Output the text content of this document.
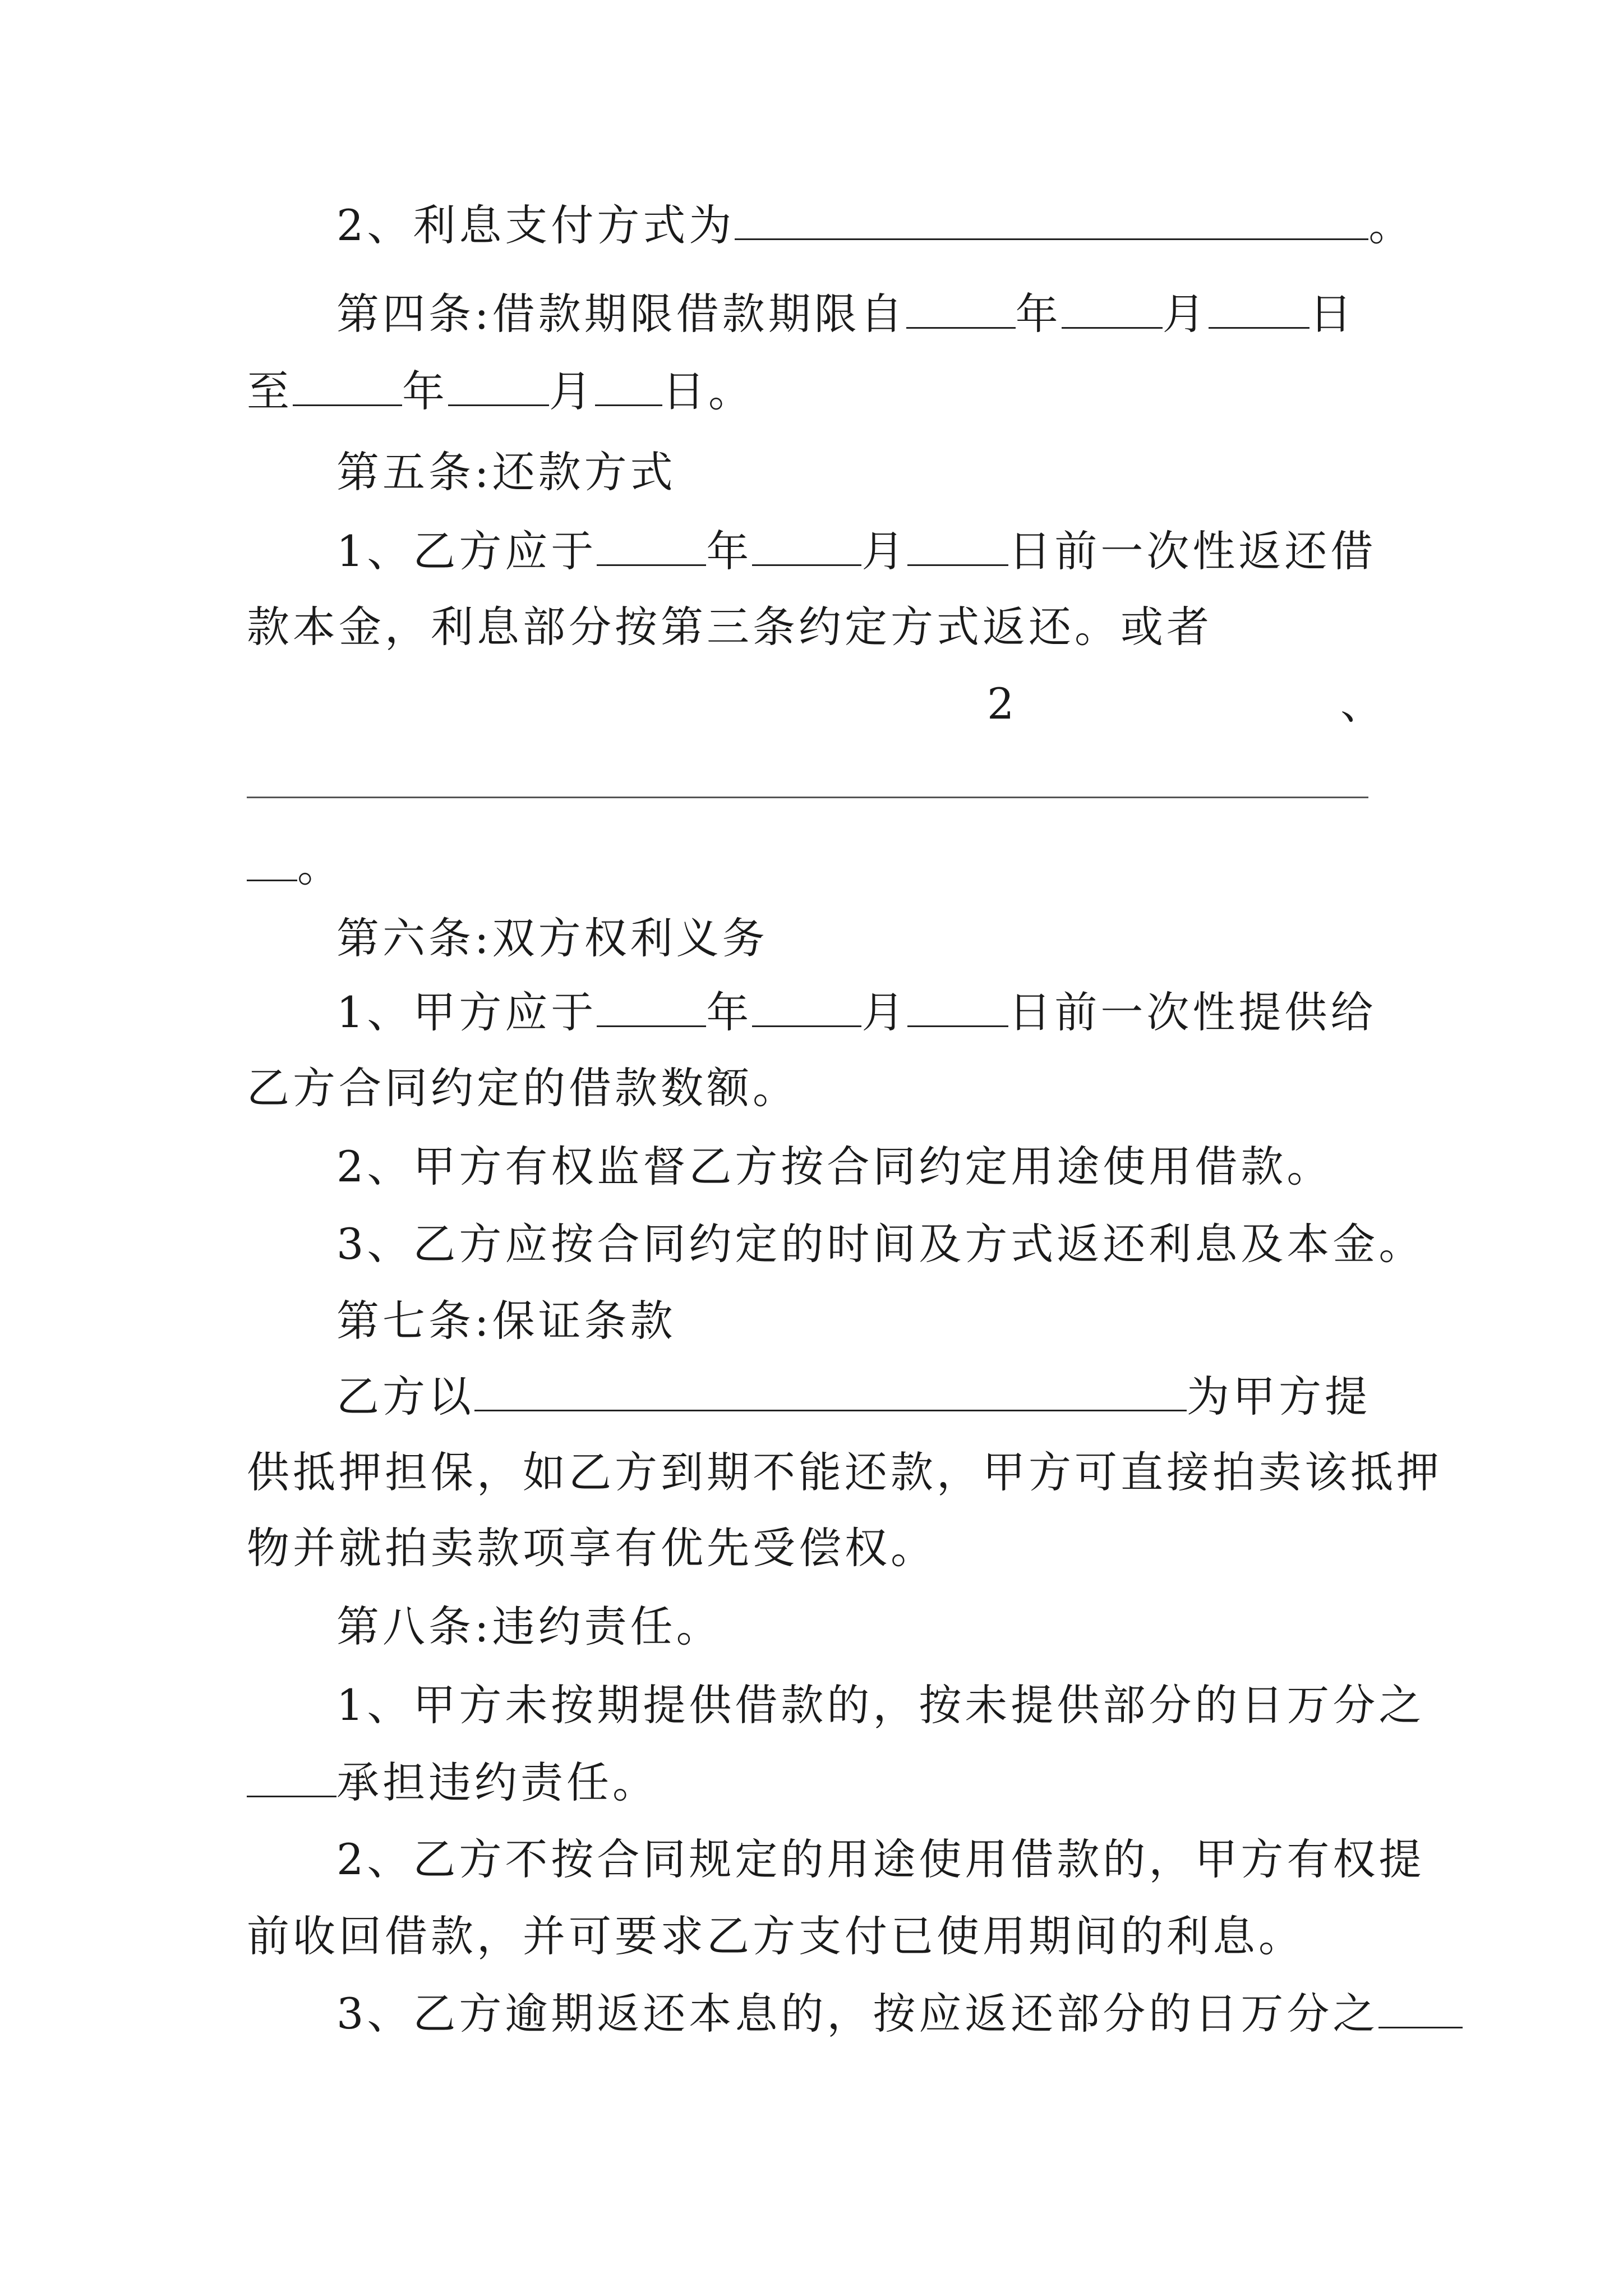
2、利息支付方式为	。

第四条:借款期限借款期限自	年 月 日

至	年 月 日。

第五条:还款方式

1、乙方应于	年	月 日前一次性返还借

款本金，利息部分按第三条约定方式返还。或者

2	、

。

第六条:双方权利义务

1、甲方应于	年	月 日前一次性提供给

乙方合同约定的借款数额。

2、甲方有权监督乙方按合同约定用途使用借款。

3、乙方应按合同约定的时间及方式返还利息及本金。

第七条:保证条款

乙方以	为甲方提

供抵押担保，如乙方到期不能还款，甲方可直接拍卖该抵押

物并就拍卖款项享有优先受偿权。

第八条:违约责任。

1、甲方未按期提供借款的，按未提供部分的日万分之

承担违约责任。

2、乙方不按合同规定的用途使用借款的，甲方有权提

前收回借款，并可要求乙方支付已使用期间的利息。

3、乙方逾期返还本息的，按应返还部分的日万分之
